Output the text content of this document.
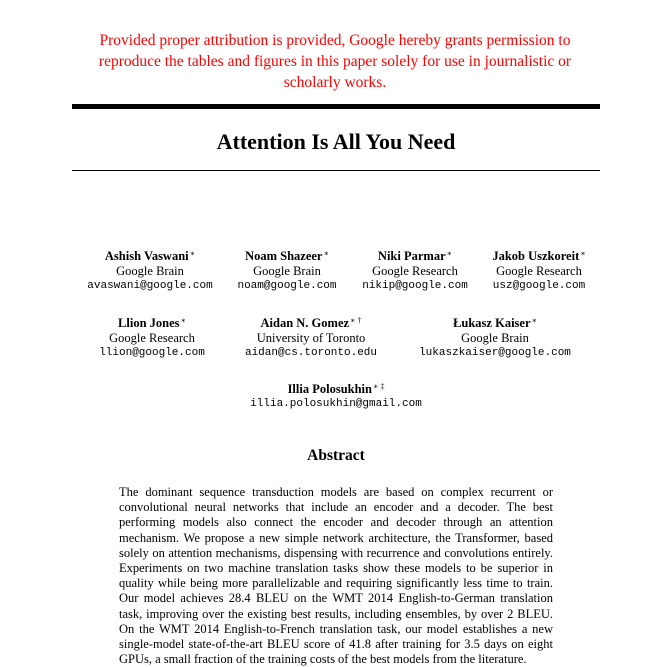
Provided proper attribution is provided, Google hereby grants permission to reproduce the tables and figures in this paper solely for use in journalistic or scholarly works.
Attention Is All You Need
Ashish Vaswani∗
Google Brain
avaswani@google.com
Noam Shazeer∗
Google Brain
noam@google.com
Niki Parmar∗
Google Research
nikip@google.com
Jakob Uszkoreit∗
Google Research
usz@google.com
Llion Jones∗
Google Research
llion@google.com
Aidan N. Gomez∗ †
University of Toronto
aidan@cs.toronto.edu
Łukasz Kaiser∗
Google Brain
lukaszkaiser@google.com
Illia Polosukhin∗ ‡
illia.polosukhin@gmail.com
Abstract

The dominant sequence transduction models are based on complex recurrent or convolutional neural networks that include an encoder and a decoder. The best performing models also connect the encoder and decoder through an attention mechanism. We propose a new simple network architecture, the Transformer, based solely on attention mechanisms, dispensing with recurrence and convolutions entirely. Experiments on two machine translation tasks show these models to be superior in quality while being more parallelizable and requiring significantly less time to train. Our model achieves 28.4 BLEU on the WMT 2014 English-to-German translation task, improving over the existing best results, including ensembles, by over 2 BLEU. On the WMT 2014 English-to-French translation task, our model establishes a new single-model state-of-the-art BLEU score of 41.8 after training for 3.5 days on eight GPUs, a small fraction of the training costs of the best models from the literature.
